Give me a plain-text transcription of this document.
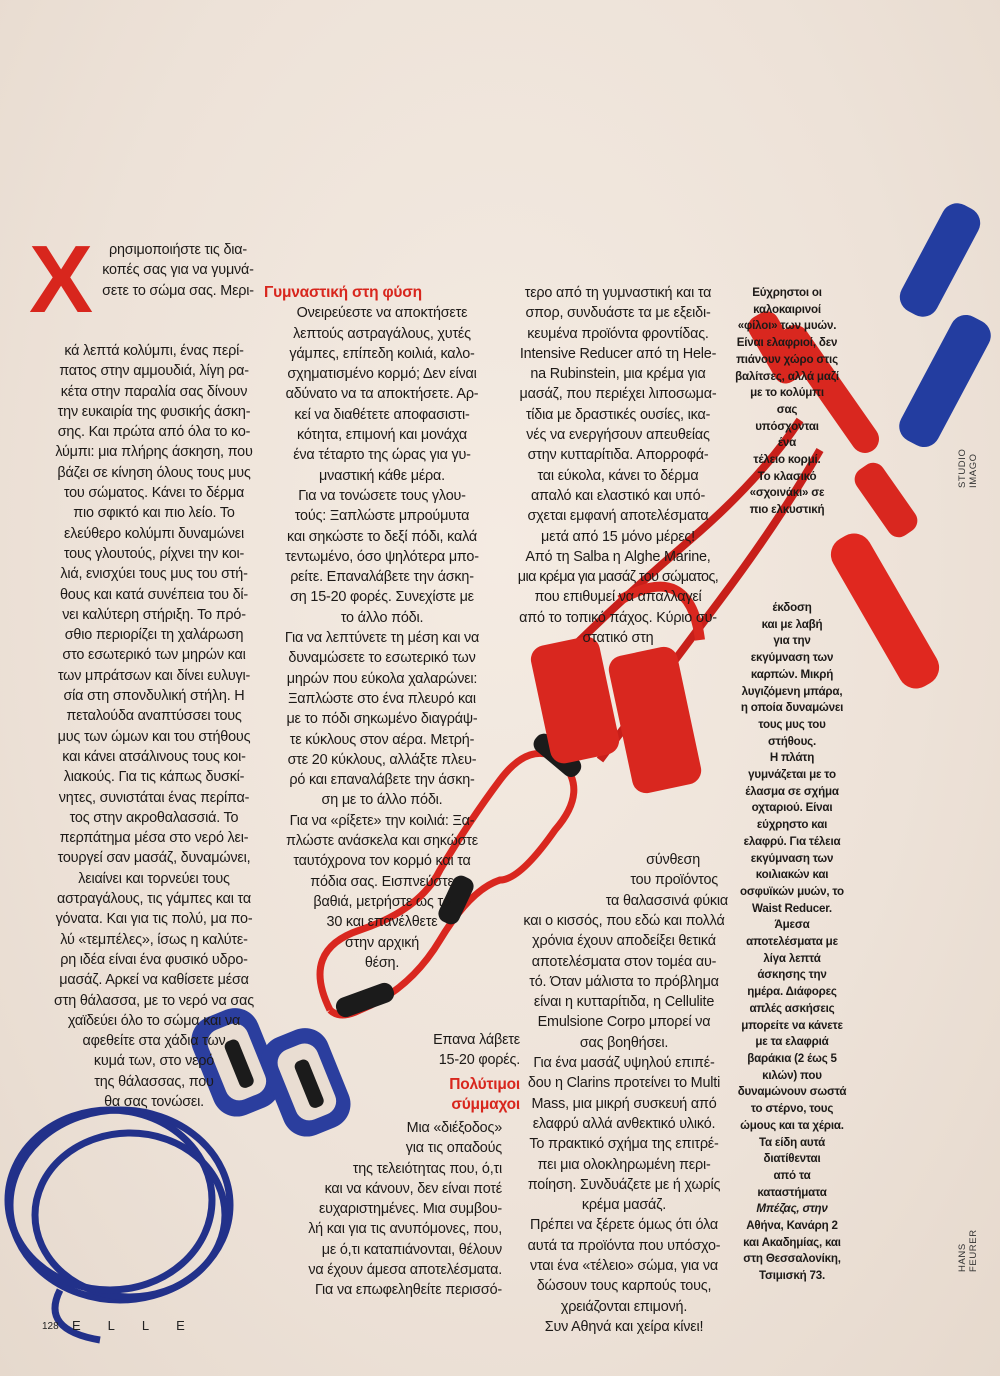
Χ	ρησιμοποιήστε τις δια-

κοπές σας για να γυμνά-

σετε το σώμα σας. Μερι-

κά λεπτά κολύμπι, ένας περί-

πατος στην αμμουδιά, λίγη ρα-

κέτα στην παραλία σας δίνουν

την ευκαιρία της φυσικής άσκη-

σης. Και πρώτα από όλα το κο-

λύμπι: μια πλήρης άσκηση, που

βάζει σε κίνηση όλους τους μυς

του σώματος. Κάνει το δέρμα

πιο σφικτό και πιο λείο. Το

ελεύθερο κολύμπι δυναμώνει

τους γλουτούς, ρίχνει την κοι-

λιά, ενισχύει τους μυς του στή-

θους και κατά συνέπεια του δί-

νει καλύτερη στήριξη. Το πρό-

σθιο περιορίζει τη χαλάρωση

στο εσωτερικό των μηρών και

των μπράτσων και δίνει ευλυγι-

σία στη σπονδυλική στήλη. Η

πεταλούδα αναπτύσσει τους

μυς των ώμων και του στήθους

και κάνει ατσάλινους τους κοι-

λιακούς. Για τις κάπως δυσκί-

νητες, συνιστάται ένας περίπα-

τος στην ακροθαλασσιά. Το

περπάτημα μέσα στο νερό λει-

τουργεί σαν μασάζ, δυναμώνει,

λειαίνει και τορνεύει τους

αστραγάλους, τις γάμπες και τα

γόνατα. Και για τις πολύ, μα πο-

λύ «τεμπέλες», ίσως η καλύτε-

ρη ιδέα είναι ένα φυσικό υδρο-

μασάζ. Αρκεί να καθίσετε μέσα

στη θάλασσα, με το νερό να σας

χαϊδεύει όλο το σώμα και να

αφεθείτε στα χάδια των

κυμά των, στο νερό

της θάλασσας, που

θα σας τονώσει.

Γυμναστική στη φύση

Ονειρεύεστε να αποκτήσετε

λεπτούς αστραγάλους, χυτές

γάμπες, επίπεδη κοιλιά, καλο-

σχηματισμένο κορμό; Δεν είναι

αδύνατο να τα αποκτήσετε. Αρ-

κεί να διαθέτετε αποφασιστι-

κότητα, επιμονή και μονάχα

ένα τέταρτο της ώρας για γυ-

μναστική κάθε μέρα.

Για να τονώσετε τους γλου-

τούς: Ξαπλώστε μπρούμυτα

και σηκώστε το δεξί πόδι, καλά

τεντωμένο, όσο ψηλότερα μπο-

ρείτε. Επαναλάβετε την άσκη-

ση 15-20 φορές. Συνεχίστε με

το άλλο πόδι.

Για να λεπτύνετε τη μέση και να

δυναμώσετε το εσωτερικό των

μηρών που εύκολα χαλαρώνει:

Ξαπλώστε στο ένα πλευρό και

με το πόδι σηκωμένο διαγράψ-

τε κύκλους στον αέρα. Μετρή-

στε 20 κύκλους, αλλάξτε πλευ-

ρό και επαναλάβετε την άσκη-

ση με το άλλο πόδι.

Για να «ρίξετε» την κοιλιά: Ξα-

πλώστε ανάσκελα και σηκώστε

ταυτόχρονα τον κορμό και τα

πόδια σας. Εισπνεύστε

βαθιά, μετρήστε ως το

30 και επανέλθετε

στην αρχική

θέση.

Επανα λάβετε

15-20 φορές.

Πολύτιμοι

σύμμαχοι

Μια «διέξοδος»

για τις οπαδούς

της τελειότητας που, ό,τι

και να κάνουν, δεν είναι ποτέ

ευχαριστημένες. Μια συμβου-

λή και για τις ανυπόμονες, που,

με ό,τι καταπιάνονται, θέλουν

να έχουν άμεσα αποτελέσματα.

Για να επωφεληθείτε περισσό-

τερο από τη γυμναστική και τα

σπορ, συνδυάστε τα με εξειδι-

κευμένα προϊόντα φροντίδας.

Intensive Reducer από τη Hele-

na Rubinstein, μια κρέμα για

μασάζ, που περιέχει λιποσωμα-

τίδια με δραστικές ουσίες, ικα-

νές να ενεργήσουν απευθείας

στην κυτταρίτιδα. Απορροφά-

ται εύκολα, κάνει το δέρμα

απαλό και ελαστικό και υπό-

σχεται εμφανή αποτελέσματα

μετά από 15 μόνο μέρες!

Από τη Salba η Alghe Marine,

μια κρέμα για μασάζ του σώματος,

που επιθυμεί να απαλλαγεί

από το τοπικό πάχος. Κύριο συ-

στατικό στη

σύνθεση

του προϊόντος

τα θαλασσινά φύκια

και ο κισσός, που εδώ και πολλά

χρόνια έχουν αποδείξει θετικά

αποτελέσματα στον τομέα αυ-

τό. Όταν μάλιστα το πρόβλημα

είναι η κυτταρίτιδα, η Cellulite

Emulsione Corpo μπορεί να

σας βοηθήσει.

Για ένα μασάζ υψηλού επιπέ-

δου η Clarins προτείνει το Multi

Mass, μια μικρή συσκευή από

ελαφρύ αλλά ανθεκτικό υλικό.

Το πρακτικό σχήμα της επιτρέ-

πει μια ολοκληρωμένη περι-

ποίηση. Συνδυάζετε με ή χωρίς

κρέμα μασάζ.

Πρέπει να ξέρετε όμως ότι όλα

αυτά τα προϊόντα που υπόσχο-

νται ένα «τέλειο» σώμα, για να

δώσουν τους καρπούς τους,

χρειάζονται επιμονή.

Συν Αθηνά και χείρα κίνει!

Εύχρηστοι οι

καλοκαιρινοί

«φίλοι» των μυών.

Είναι ελαφριοί, δεν

πιάνουν χώρο στις

βαλίτσες, αλλά μαζί

με το κολύμπι

σας

υπόσχονται

ένα

τέλειο κορμί.

Το κλασικό

«σχοινάκι» σε

πιο ελκυστική

έκδοση

και με λαβή

για την

εκγύμναση των

καρπών. Μικρή

λυγιζόμενη μπάρα,

η οποία δυναμώνει

τους μυς του

στήθους.

Η πλάτη

γυμνάζεται με το

έλασμα σε σχήμα

οχταριού. Είναι

εύχρηστο και

ελαφρύ. Για τέλεια

εκγύμναση των

κοιλιακών και

οσφυϊκών μυών, το

Waist Reducer.

Άμεσα

αποτελέσματα με

λίγα λεπτά

άσκησης την

ημέρα. Διάφορες

απλές ασκήσεις

μπορείτε να κάνετε

με τα ελαφριά

βαράκια (2 έως 5

κιλών) που

δυναμώνουν σωστά

το στέρνο, τους

ώμους και τα χέρια.

Τα είδη αυτά

διατίθενται

από τα

καταστήματα

Μπέζας, στην

Αθήνα, Κανάρη 2

και Ακαδημίας, και

στη Θεσσαλονίκη,

Τσιμισκή 73.

STUDIO IMAGO
HANS FEURER
128 ELLE
